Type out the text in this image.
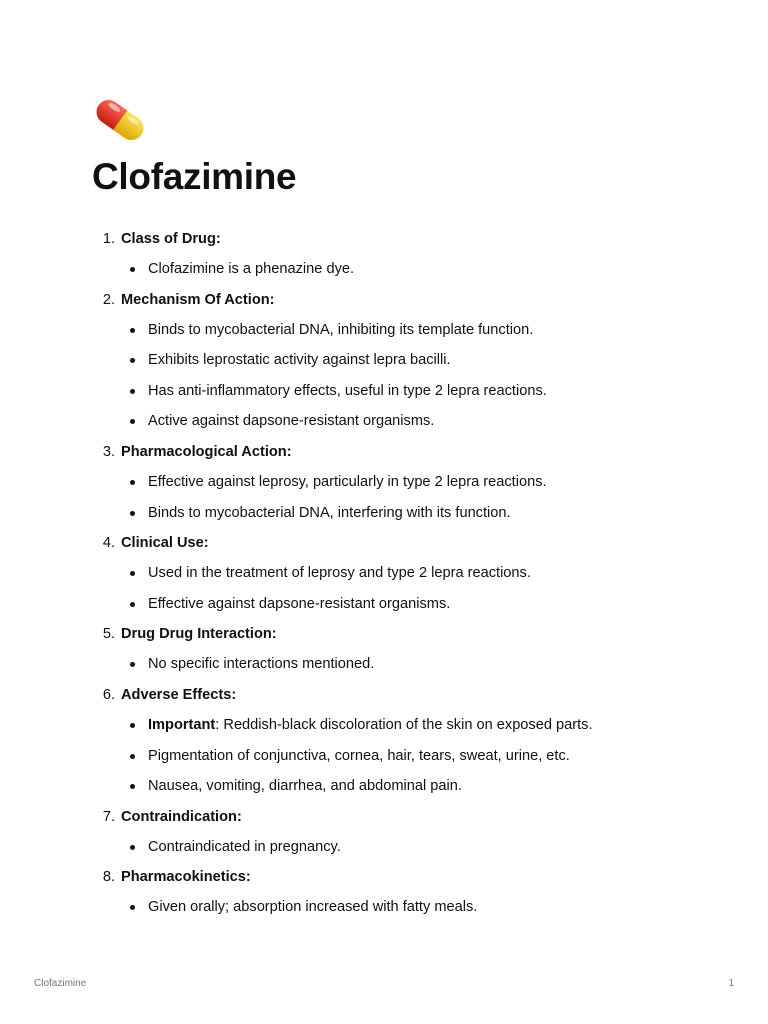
Clofazimine
1. Class of Drug:
Clofazimine is a phenazine dye.
2. Mechanism Of Action:
Binds to mycobacterial DNA, inhibiting its template function.
Exhibits leprostatic activity against lepra bacilli.
Has anti-inflammatory effects, useful in type 2 lepra reactions.
Active against dapsone-resistant organisms.
3. Pharmacological Action:
Effective against leprosy, particularly in type 2 lepra reactions.
Binds to mycobacterial DNA, interfering with its function.
4. Clinical Use:
Used in the treatment of leprosy and type 2 lepra reactions.
Effective against dapsone-resistant organisms.
5. Drug Drug Interaction:
No specific interactions mentioned.
6. Adverse Effects:
Important: Reddish-black discoloration of the skin on exposed parts.
Pigmentation of conjunctiva, cornea, hair, tears, sweat, urine, etc.
Nausea, vomiting, diarrhea, and abdominal pain.
7. Contraindication:
Contraindicated in pregnancy.
8. Pharmacokinetics:
Given orally; absorption increased with fatty meals.
Clofazimine	1
